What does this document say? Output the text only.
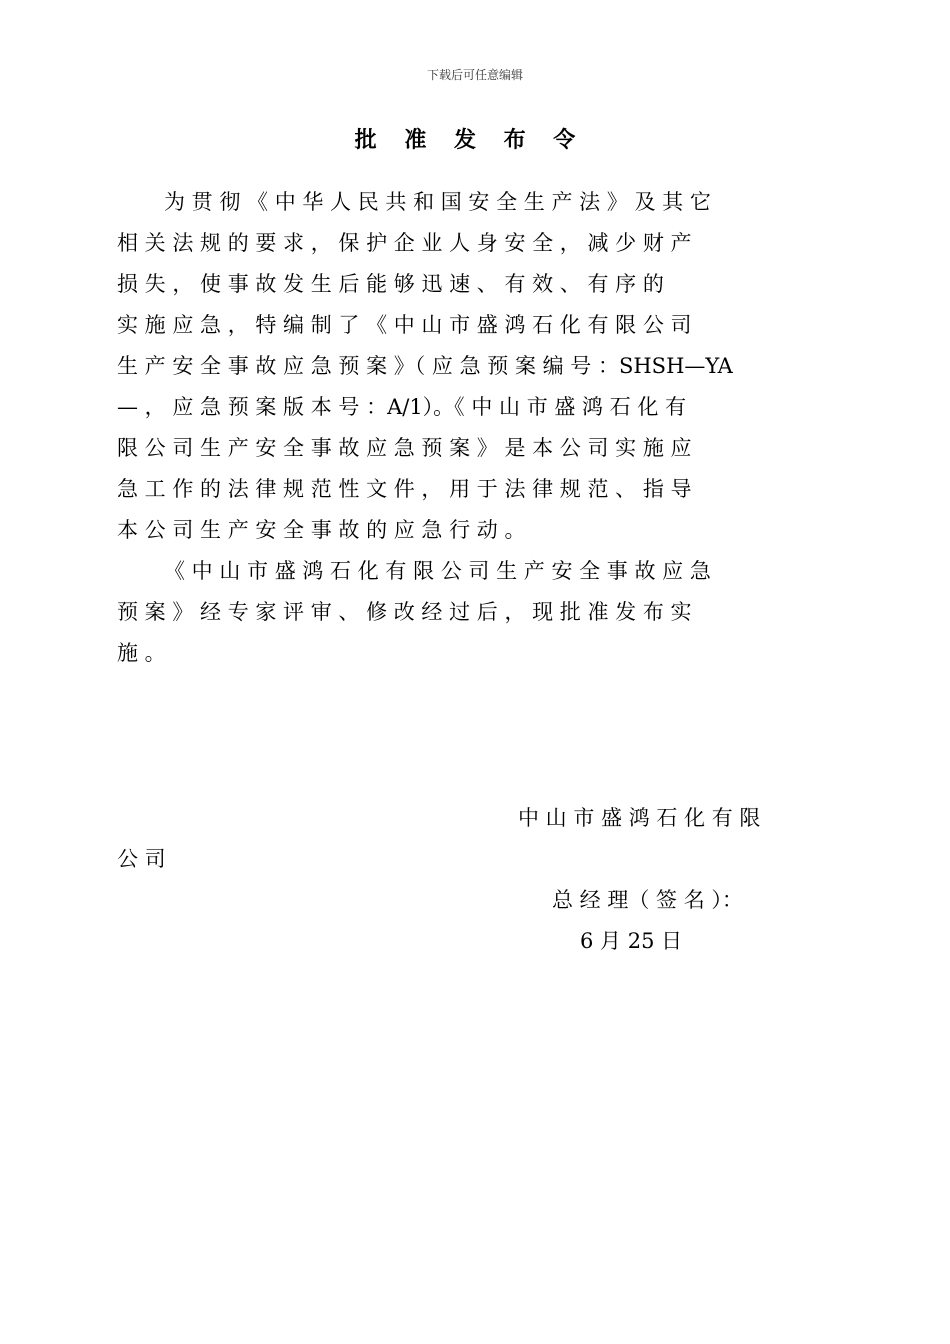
下载后可任意编辑
批 准 发 布 令
为 贯 彻 《 中 华 人 民 共 和 国 安 全 生 产 法 》 及 其 它
相 关 法 规 的 要 求 ， 保 护 企 业 人 身 安 全 ， 减 少 财 产
损 失 ， 使 事 故 发 生 后 能 够 迅 速 、 有 效 、 有 序 的
实 施 应 急 ， 特 编 制 了 《 中 山 市 盛 鸿 石 化 有 限 公 司
生 产 安 全 事 故 应 急 预 案 》（ 应 急 预 案 编 号 ：SHSH—YA
— ， 应 急 预 案 版 本 号 ：A/1）。《 中 山 市 盛 鸿 石 化 有
限 公 司 生 产 安 全 事 故 应 急 预 案 》 是 本 公 司 实 施 应
急 工 作 的 法 律 规 范 性 文 件 ， 用 于 法 律 规 范 、 指 导
本 公 司 生 产 安 全 事 故 的 应 急 行 动 。
《 中 山 市 盛 鸿 石 化 有 限 公 司 生 产 安 全 事 故 应 急
预 案 》 经 专 家 评 审 、 修 改 经 过 后 ， 现 批 准 发 布 实
施 。
中 山 市 盛 鸿 石 化 有 限
公 司
总 经 理（ 签 名 ）：
6 月 25 日
